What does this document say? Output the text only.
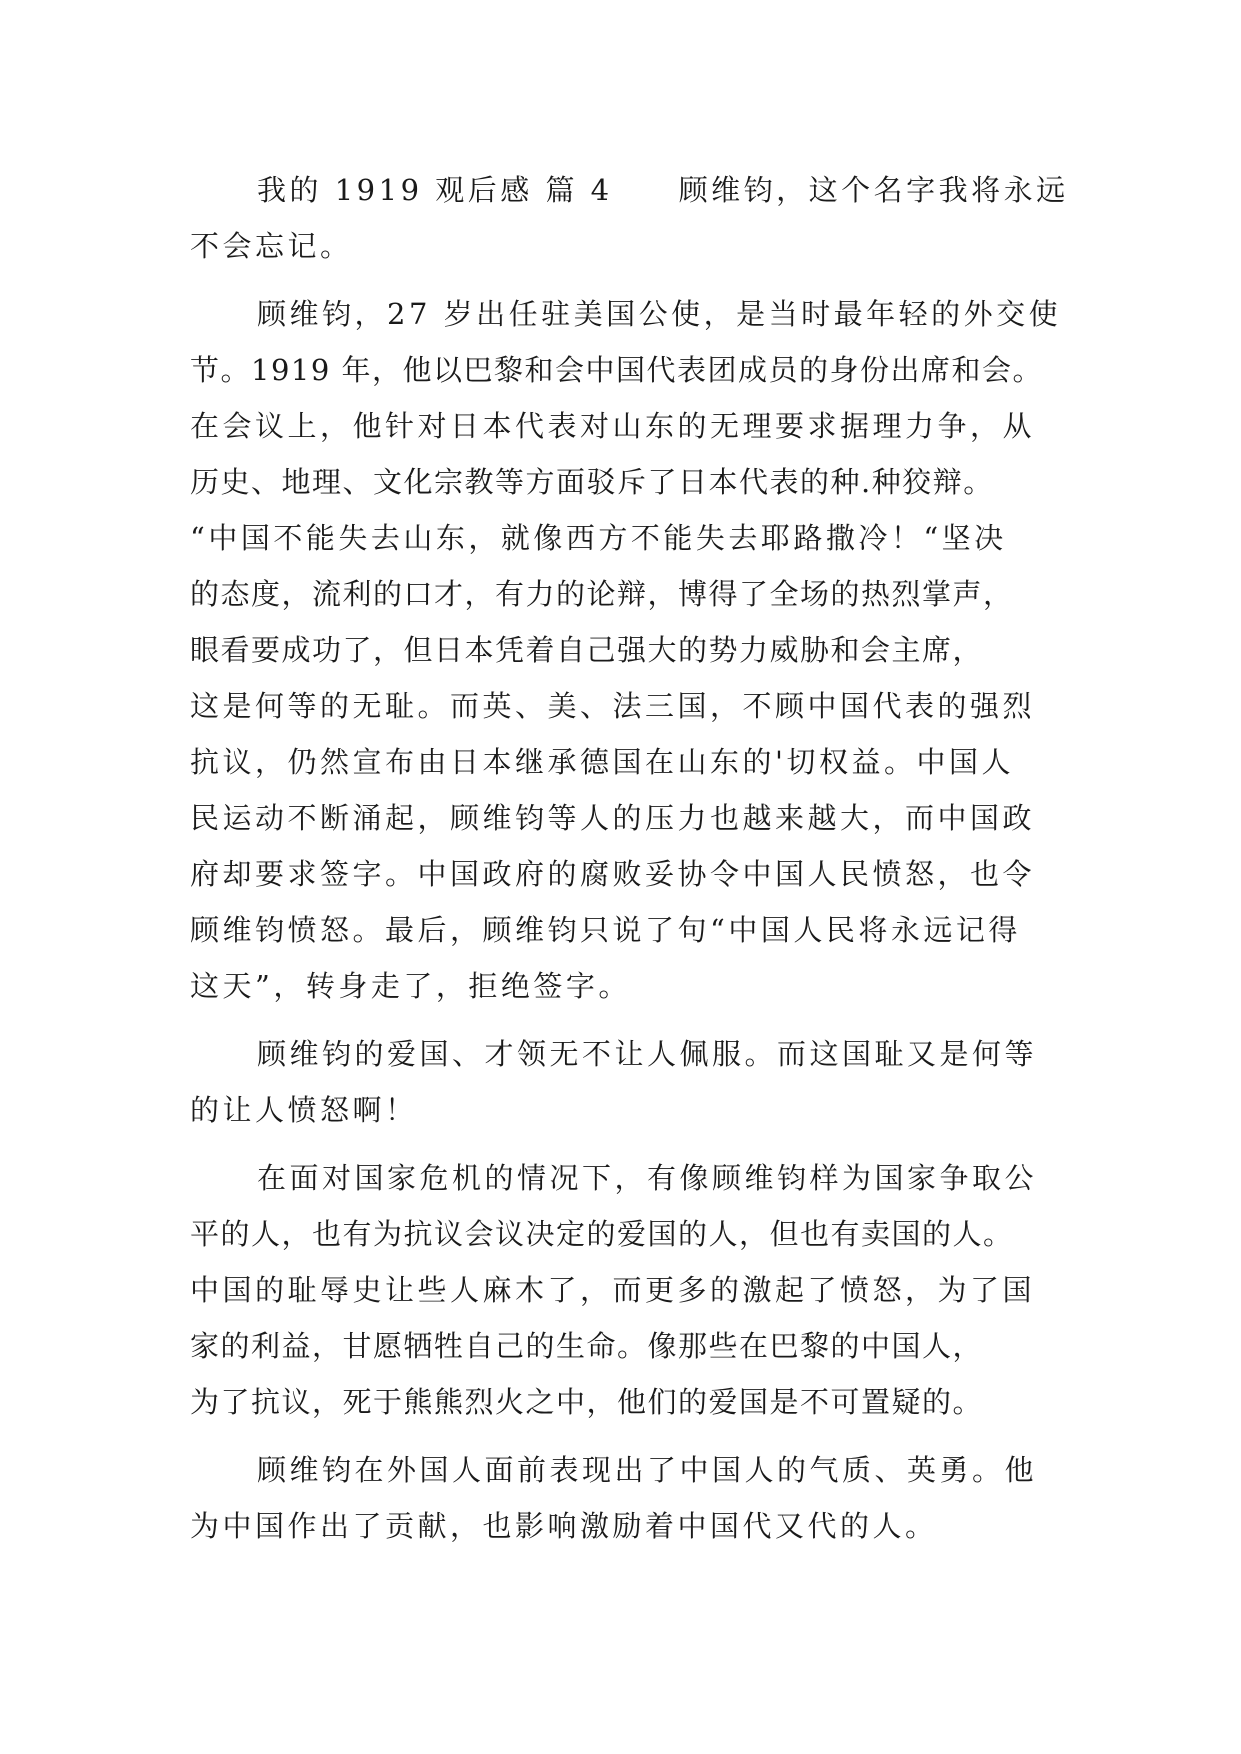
我的 1919 观后感 篇 4 顾维钧，这个名字我将永远
不会忘记。
顾维钧，27 岁出任驻美国公使，是当时最年轻的外交使
节。1919 年，他以巴黎和会中国代表团成员的身份出席和会。
在会议上，他针对日本代表对山东的无理要求据理力争，从
历史、地理、文化宗教等方面驳斥了日本代表的种.种狡辩。
“中国不能失去山东，就像西方不能失去耶路撒冷！“坚决
的态度，流利的口才，有力的论辩，博得了全场的热烈掌声，
眼看要成功了，但日本凭着自己强大的势力威胁和会主席，
这是何等的无耻。而英、美、法三国，不顾中国代表的强烈
抗议，仍然宣布由日本继承德国在山东的'切权益。中国人
民运动不断涌起，顾维钧等人的压力也越来越大，而中国政
府却要求签字。中国政府的腐败妥协令中国人民愤怒，也令
顾维钧愤怒。最后，顾维钧只说了句“中国人民将永远记得
这天”，转身走了，拒绝签字。
顾维钧的爱国、才领无不让人佩服。而这国耻又是何等
的让人愤怒啊！
在面对国家危机的情况下，有像顾维钧样为国家争取公
平的人，也有为抗议会议决定的爱国的人，但也有卖国的人。
中国的耻辱史让些人麻木了，而更多的激起了愤怒，为了国
家的利益，甘愿牺牲自己的生命。像那些在巴黎的中国人，
为了抗议，死于熊熊烈火之中，他们的爱国是不可置疑的。
顾维钧在外国人面前表现出了中国人的气质、英勇。他
为中国作出了贡献，也影响激励着中国代又代的人。
